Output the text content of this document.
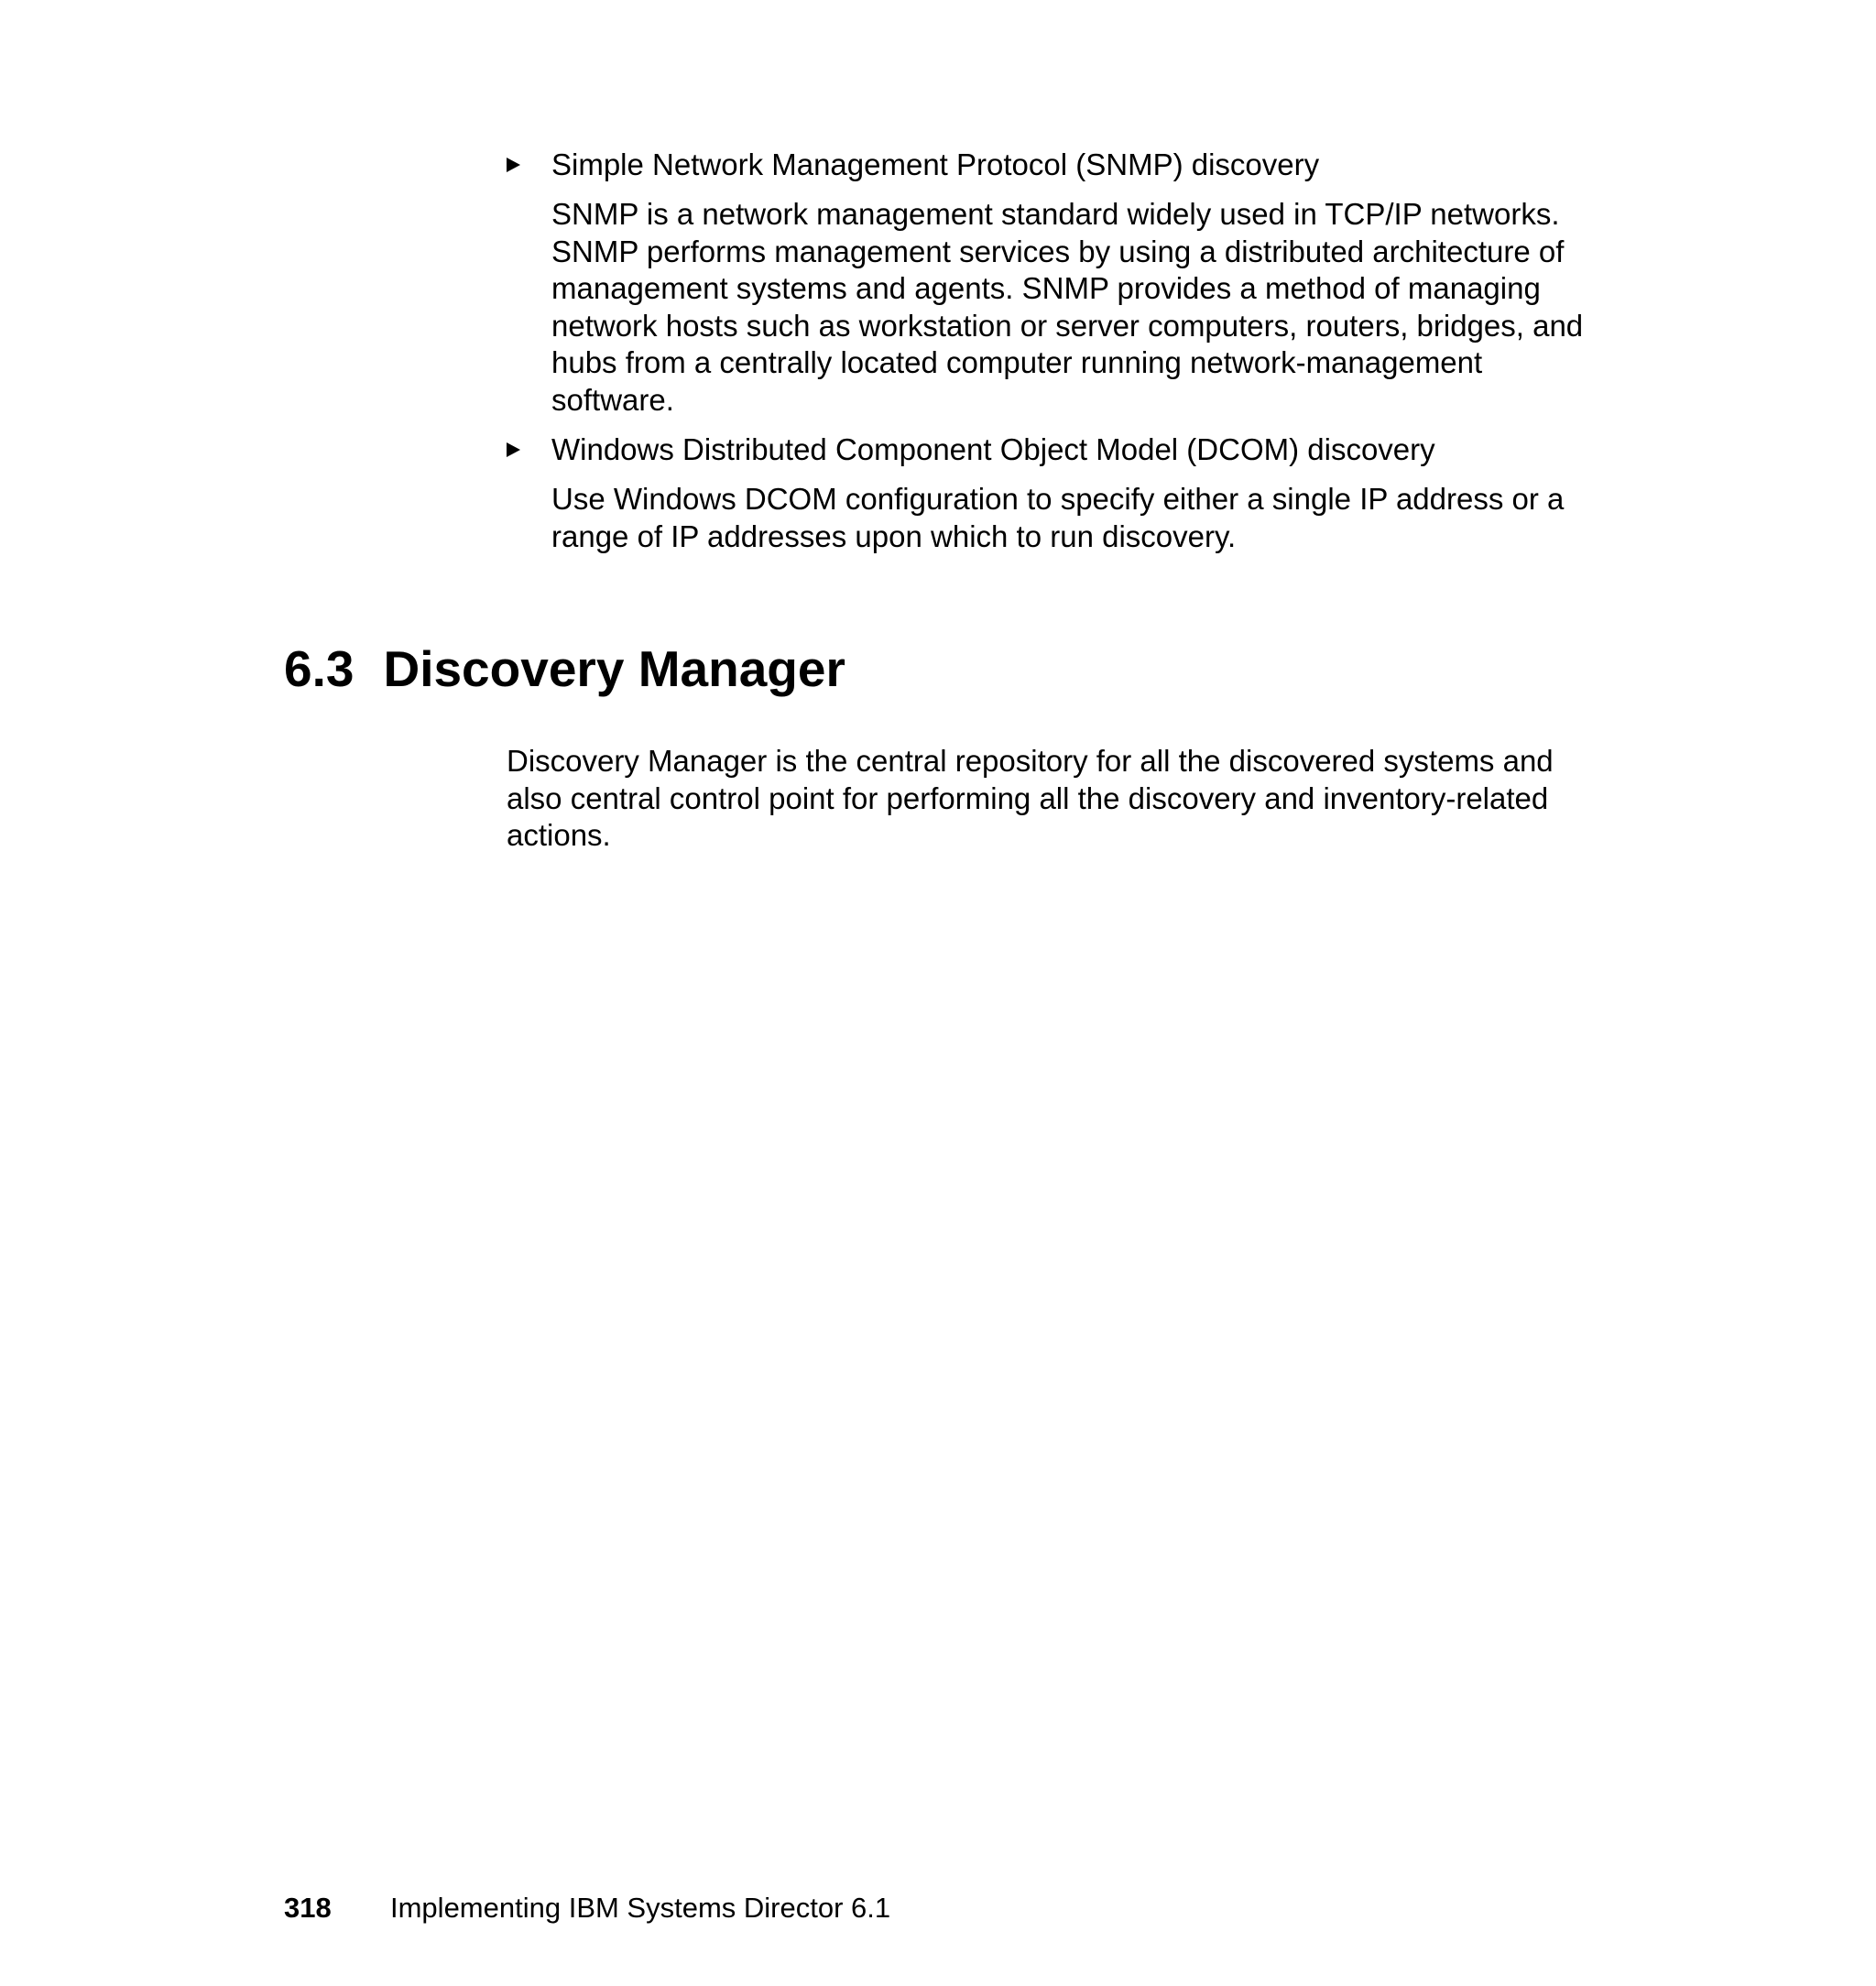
Simple Network Management Protocol (SNMP) discovery

SNMP is a network management standard widely used in TCP/IP networks. SNMP performs management services by using a distributed architecture of management systems and agents. SNMP provides a method of managing network hosts such as workstation or server computers, routers, bridges, and hubs from a centrally located computer running network-management software.

Windows Distributed Component Object Model (DCOM) discovery

Use Windows DCOM configuration to specify either a single IP address or a range of IP addresses upon which to run discovery.

6.3 Discovery Manager

Discovery Manager is the central repository for all the discovered systems and also central control point for performing all the discovery and inventory-related actions.

318 Implementing IBM Systems Director 6.1
